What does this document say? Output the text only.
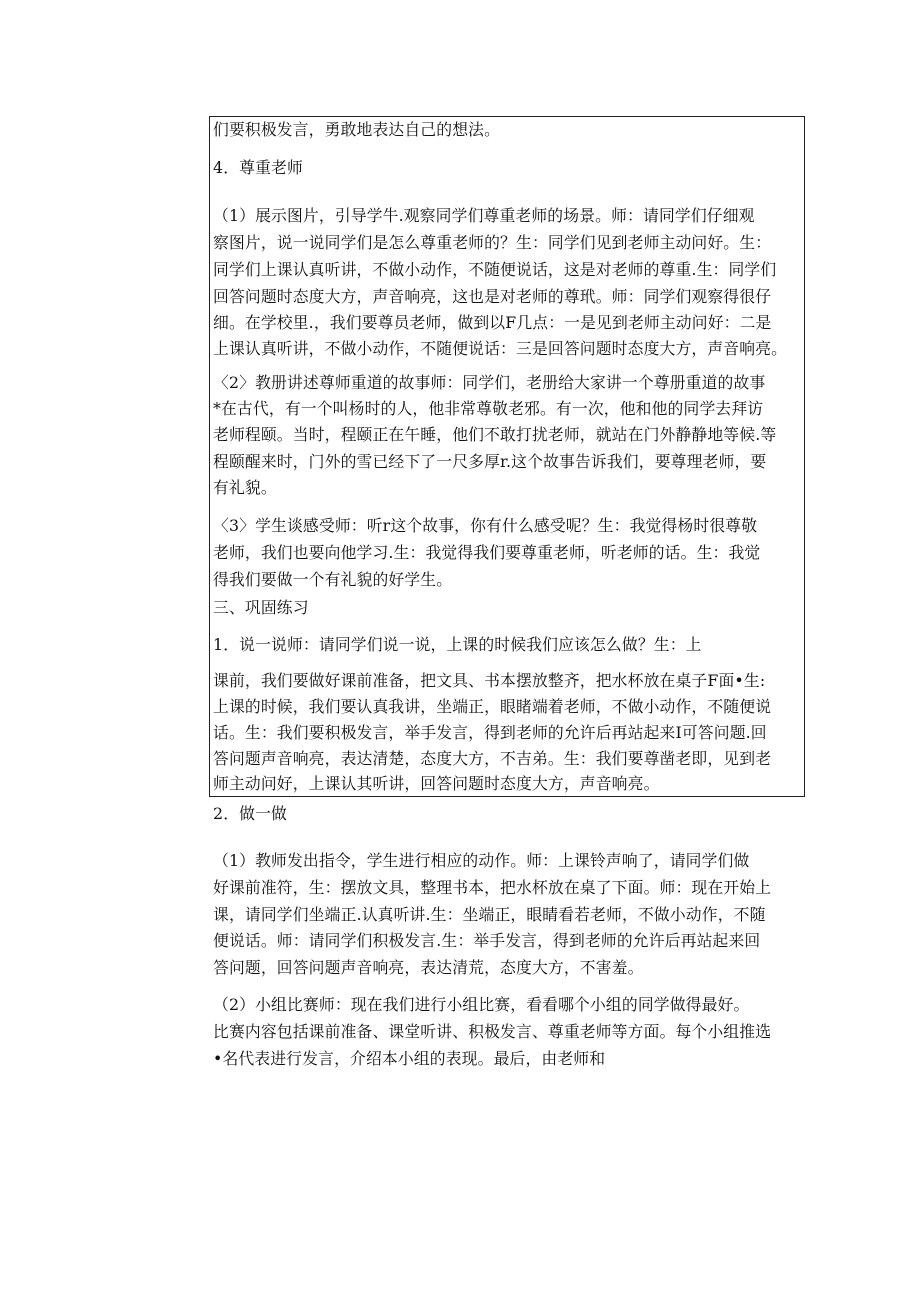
们要积极发言，勇敢地表达自己的想法。
4．尊重老师
（1）展示图片，引导学牛.观察同学们尊重老师的场景。师：请同学们仔细观
察图片，说一说同学们是怎么尊重老师的？生：同学们见到老师主动问好。生：
同学们上课认真听讲，不做小动作，不随便说话，这是对老师的尊重.生：同学们
回答问题时态度大方，声音响亮，这也是对老师的尊玳。师：同学们观察得很仔
细。在学校里.，我们要尊员老师，做到以F几点：一是见到老师主动问好：二是
上课认真听讲，不做小动作，不随便说话：三是回答问题时态度大方，声音响亮。
〈2〉教册讲述尊师重道的故事师：同学们，老册给大家讲一个尊册重道的故事
*在古代，有一个叫杨时的人，他非常尊敬老邪。有一次，他和他的同学去拜访
老师程颐。当时，程颐正在午睡，他们不敢打扰老师，就站在门外静静地等候.等
程颐醒来时，门外的雪已经下了一尺多厚r.这个故事告诉我们，要尊理老师，要
有礼貌。
〈3〉学生谈感受师：听r这个故事，你有什么感受呢？生：我觉得杨时很尊敬
老师，我们也要向他学习.生：我觉得我们要尊重老师，听老师的话。生：我觉
得我们要做一个有礼貌的好学生。
三、巩固练习
1．说一说师：请同学们说一说，上课的时候我们应该怎么做？生：上
课前，我们要做好课前准备，把文具、书本摆放整齐，把水杯放在桌子F面•生:
上课的时候，我们要认真我讲，坐端正，眼睹端着老师，不做小动作，不随便说
话。生：我们要积极发言，举手发言，得到老师的允许后再站起来I可答问题.回
答问题声音响亮，表达清楚，态度大方，不吉弟。生：我们要尊凿老即，见到老
师主动问好，上课认其听讲，回答问题时态度大方，声音响亮。
2．做一做
（1）教师发出指令，学生进行相应的动作。师：上课铃声响了，请同学们做
好课前准符，生：摆放文具，整理书本，把水杯放在桌了下面。师：现在开始上
课，请同学们坐端正.认真听讲.生：坐端正，眼睛看若老师，不做小动作，不随
便说话。师：请同学们积极发言.生：举手发言，得到老师的允许后再站起来回
答问题，回答问题声音响亮，表达清荒，态度大方，不害羞。
（2）小组比赛师：现在我们进行小组比赛，看看哪个小组的同学做得最好。
比赛内容包括课前准备、课堂听讲、积极发言、尊重老师等方面。每个小组推选
•名代表进行发言，介绍本小组的表现。最后，由老师和
